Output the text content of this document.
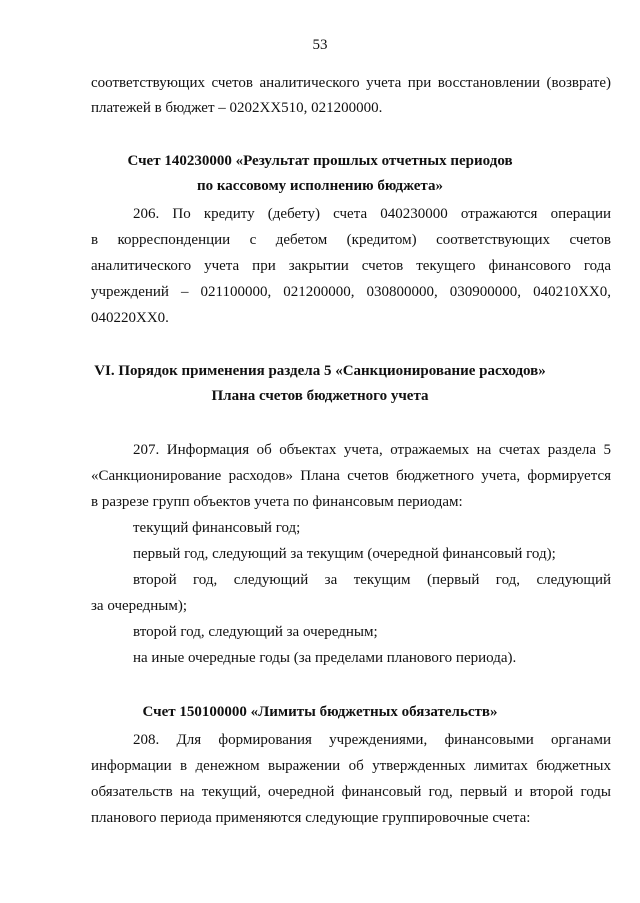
53
соответствующих счетов аналитического учета при восстановлении (возврате)
платежей в бюджет – 0202ХХ510, 021200000.
Счет 140230000 «Результат прошлых отчетных периодов
по кассовому исполнению бюджета»
206. По кредиту (дебету) счета 040230000 отражаются операции
в корреспонденции с дебетом (кредитом) соответствующих счетов
аналитического учета при закрытии счетов текущего финансового года
учреждений – 021100000, 021200000, 030800000, 030900000, 040210ХХ0,
040220ХХ0.
VI. Порядок применения раздела 5 «Санкционирование расходов»
Плана счетов бюджетного учета
207. Информация об объектах учета, отражаемых на счетах раздела 5
«Санкционирование расходов» Плана счетов бюджетного учета, формируется
в разрезе групп объектов учета по финансовым периодам:
текущий финансовый год;
первый год, следующий за текущим (очередной финансовый год);
второй год, следующий за текущим (первый год, следующий
за очередным);
второй год, следующий за очередным;
на иные очередные годы (за пределами планового периода).
Счет 150100000 «Лимиты бюджетных обязательств»
208. Для формирования учреждениями, финансовыми органами
информации в денежном выражении об утвержденных лимитах бюджетных
обязательств на текущий, очередной финансовый год, первый и второй годы
планового периода применяются следующие группировочные счета:
